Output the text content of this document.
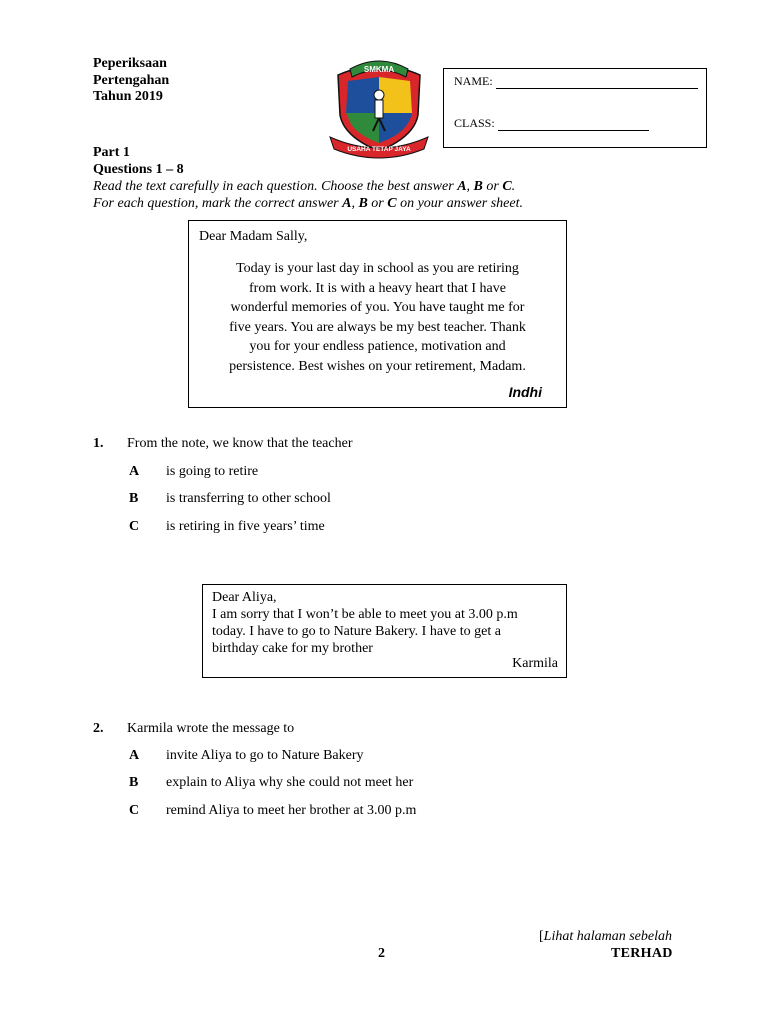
Peperiksaan
Pertengahan
Tahun 2019
SMKMA
USAHA TETAP JAYA
NAME:
CLASS:
Part 1
Questions 1 – 8
Read the text carefully in each question. Choose the best answer A, B or C.
For each question, mark the correct answer A, B or C on your answer sheet.
Dear Madam Sally,
Today is your last day in school as you are retiring
from work. It is with a heavy heart that I have
wonderful memories of you. You have taught me for
five years. You are always be my best teacher. Thank
you for your endless patience, motivation and
persistence. Best wishes on your retirement, Madam.
Indhi
1. From the note, we know that the teacher
A is going to retire
B is transferring to other school
C is retiring in five years’ time
Dear Aliya,
I am sorry that I won’t be able to meet you at 3.00 p.m
today. I have to go to Nature Bakery. I have to get a
birthday cake for my brother
Karmila
2. Karmila wrote the message to
A invite Aliya to go to Nature Bakery
B explain to Aliya why she could not meet her
C remind Aliya to meet her brother at 3.00 p.m
[Lihat halaman sebelah
2	TERHAD
